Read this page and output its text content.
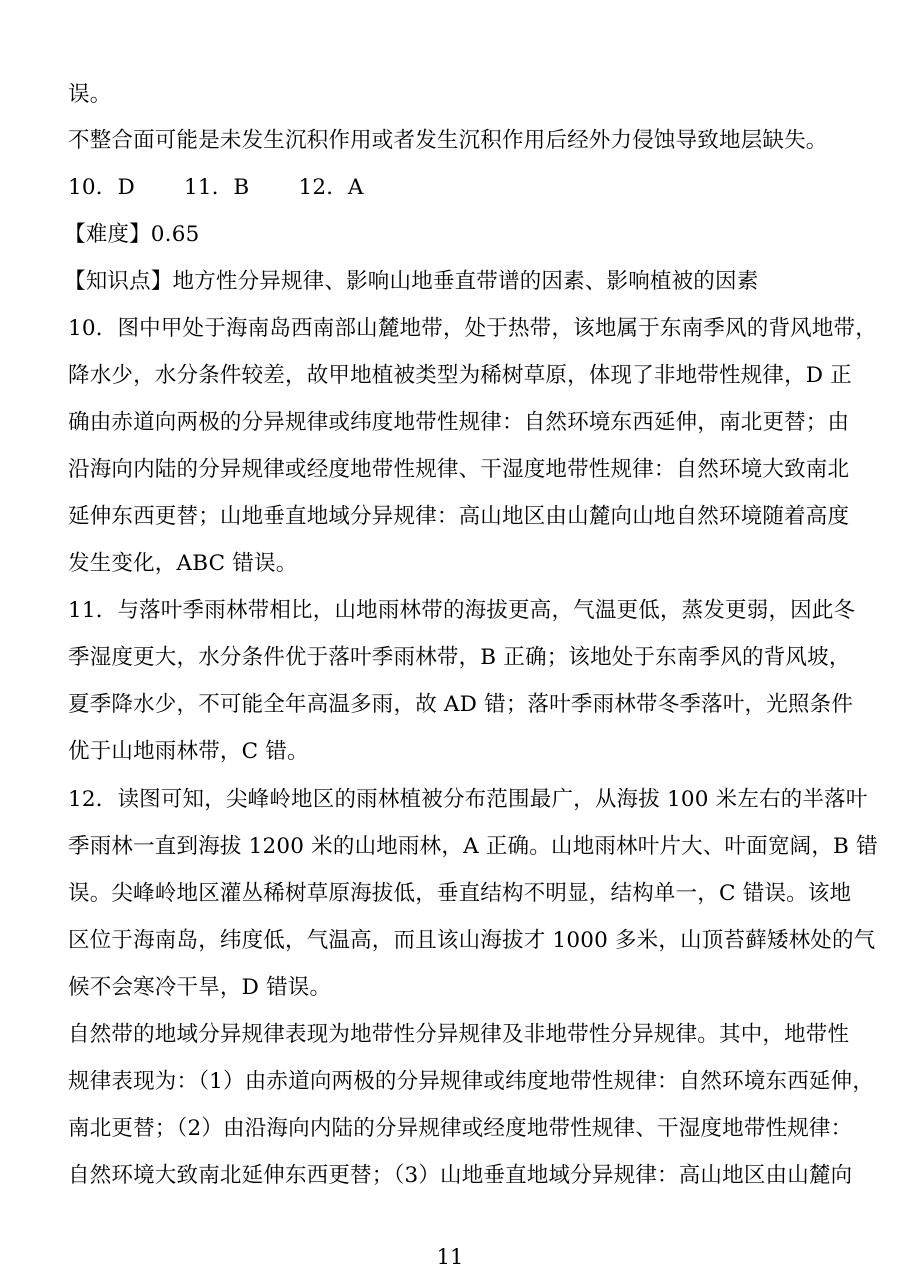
误。
不整合面可能是未发生沉积作用或者发生沉积作用后经外力侵蚀导致地层缺失。
10．D 11．B 12．A
【难度】0.65
【知识点】地方性分异规律、影响山地垂直带谱的因素、影响植被的因素
10．图中甲处于海南岛西南部山麓地带，处于热带，该地属于东南季风的背风地带，
降水少，水分条件较差，故甲地植被类型为稀树草原，体现了非地带性规律，D 正
确由赤道向两极的分异规律或纬度地带性规律：自然环境东西延伸，南北更替；由
沿海向内陆的分异规律或经度地带性规律、干湿度地带性规律：自然环境大致南北
延伸东西更替；山地垂直地域分异规律：高山地区由山麓向山地自然环境随着高度
发生变化，ABC 错误。
11．与落叶季雨林带相比，山地雨林带的海拔更高，气温更低，蒸发更弱，因此冬
季湿度更大，水分条件优于落叶季雨林带，B 正确；该地处于东南季风的背风坡，
夏季降水少，不可能全年高温多雨，故 AD 错；落叶季雨林带冬季落叶，光照条件
优于山地雨林带，C 错。
12．读图可知，尖峰岭地区的雨林植被分布范围最广，从海拔 100 米左右的半落叶
季雨林一直到海拔 1200 米的山地雨林，A 正确。山地雨林叶片大、叶面宽阔，B 错
误。尖峰岭地区灌丛稀树草原海拔低，垂直结构不明显，结构单一，C 错误。该地
区位于海南岛，纬度低，气温高，而且该山海拔才 1000 多米，山顶苔藓矮林处的气
候不会寒冷干旱，D 错误。
自然带的地域分异规律表现为地带性分异规律及非地带性分异规律。其中，地带性
规律表现为：（1）由赤道向两极的分异规律或纬度地带性规律：自然环境东西延伸，
南北更替；（2）由沿海向内陆的分异规律或经度地带性规律、干湿度地带性规律：
自然环境大致南北延伸东西更替；（3）山地垂直地域分异规律：高山地区由山麓向
11
